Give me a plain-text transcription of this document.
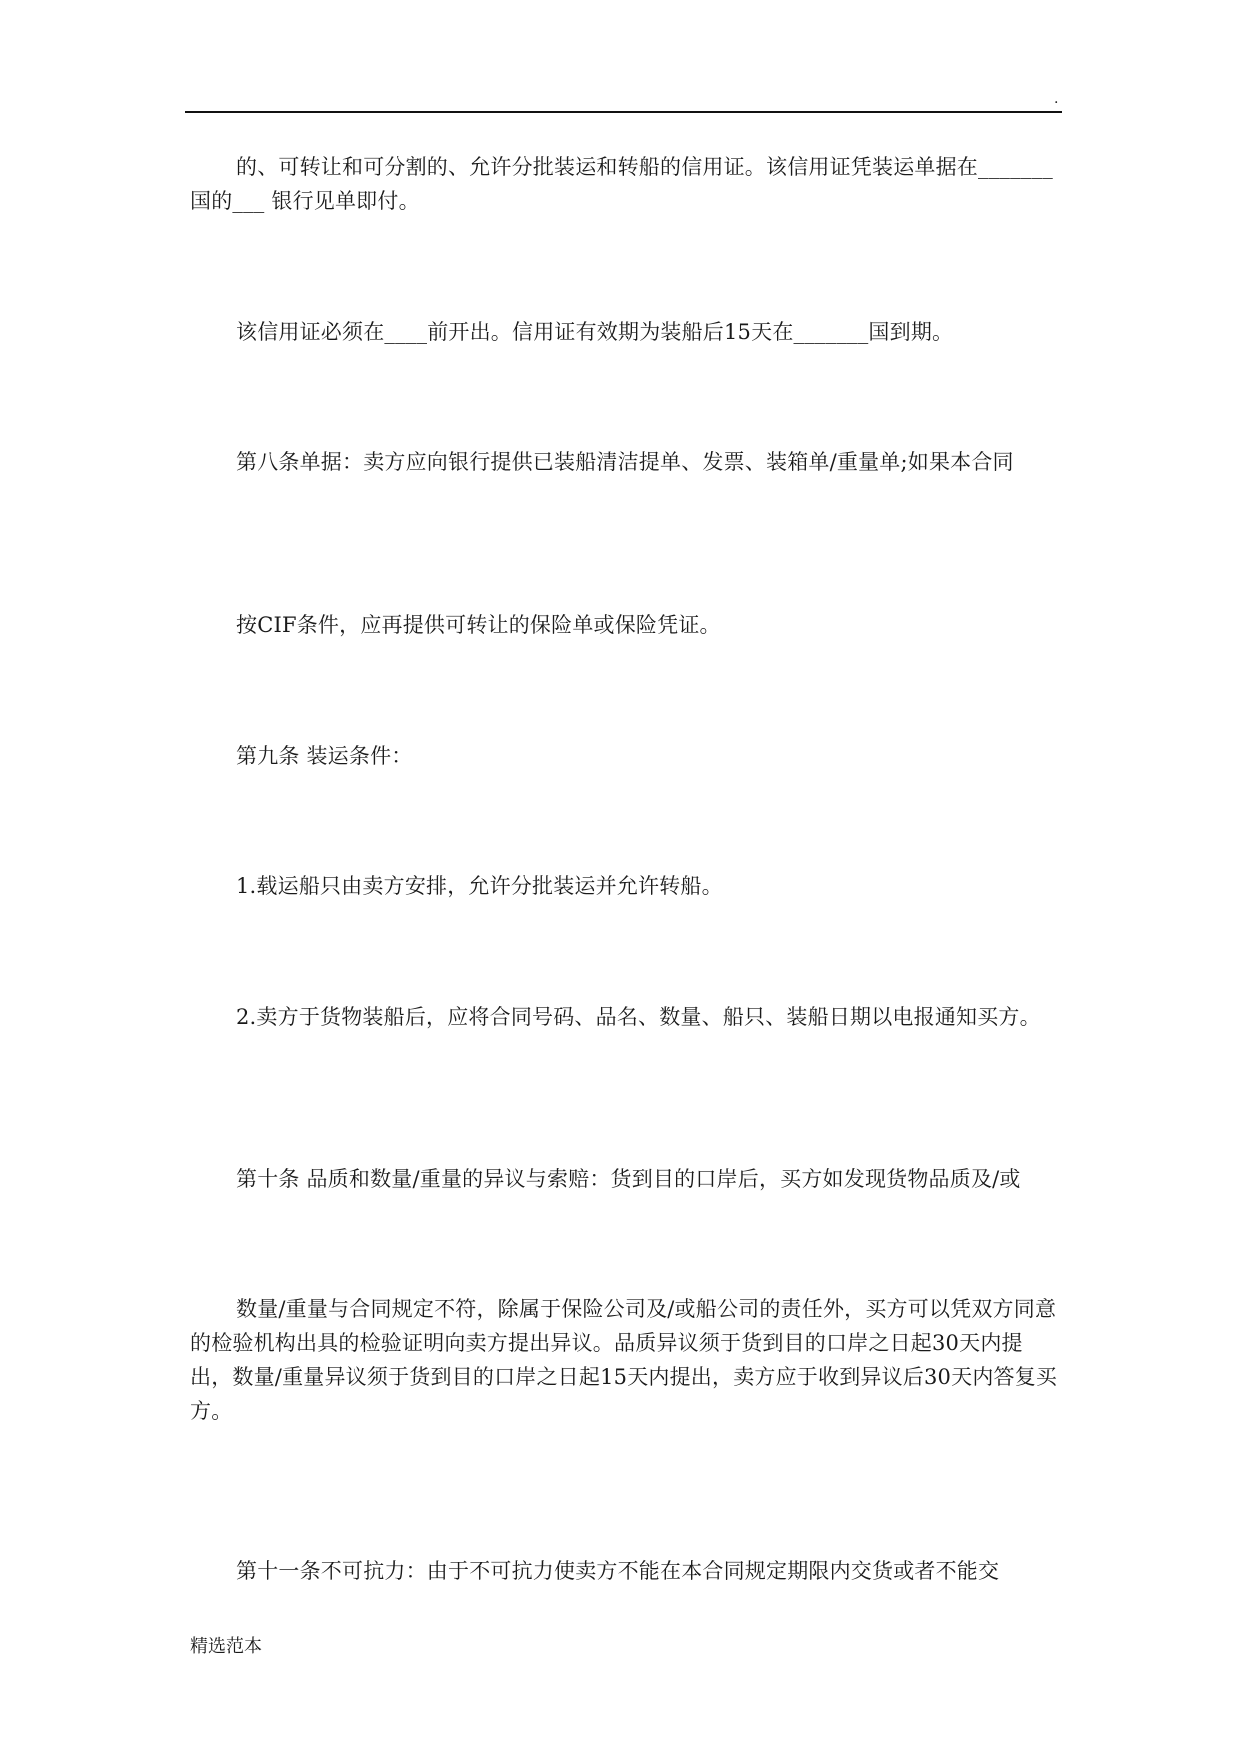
.

的、可转让和可分割的、允许分批装运和转船的信用证。该信用证凭装运单据在_______国的___ 银行见单即付。

该信用证必须在____前开出。信用证有效期为装船后15天在_______国到期。

第八条单据：卖方应向银行提供已装船清洁提单、发票、装箱单/重量单;如果本合同

按CIF条件，应再提供可转让的保险单或保险凭证。

第九条 装运条件：

1.载运船只由卖方安排，允许分批装运并允许转船。

2.卖方于货物装船后，应将合同号码、品名、数量、船只、装船日期以电报通知买方。

第十条 品质和数量/重量的异议与索赔：货到目的口岸后，买方如发现货物品质及/或

数量/重量与合同规定不符，除属于保险公司及/或船公司的责任外，买方可以凭双方同意的检验机构出具的检验证明向卖方提出异议。品质异议须于货到目的口岸之日起30天内提出，数量/重量异议须于货到目的口岸之日起15天内提出，卖方应于收到异议后30天内答复买方。

第十一条不可抗力：由于不可抗力使卖方不能在本合同规定期限内交货或者不能交

精选范本
